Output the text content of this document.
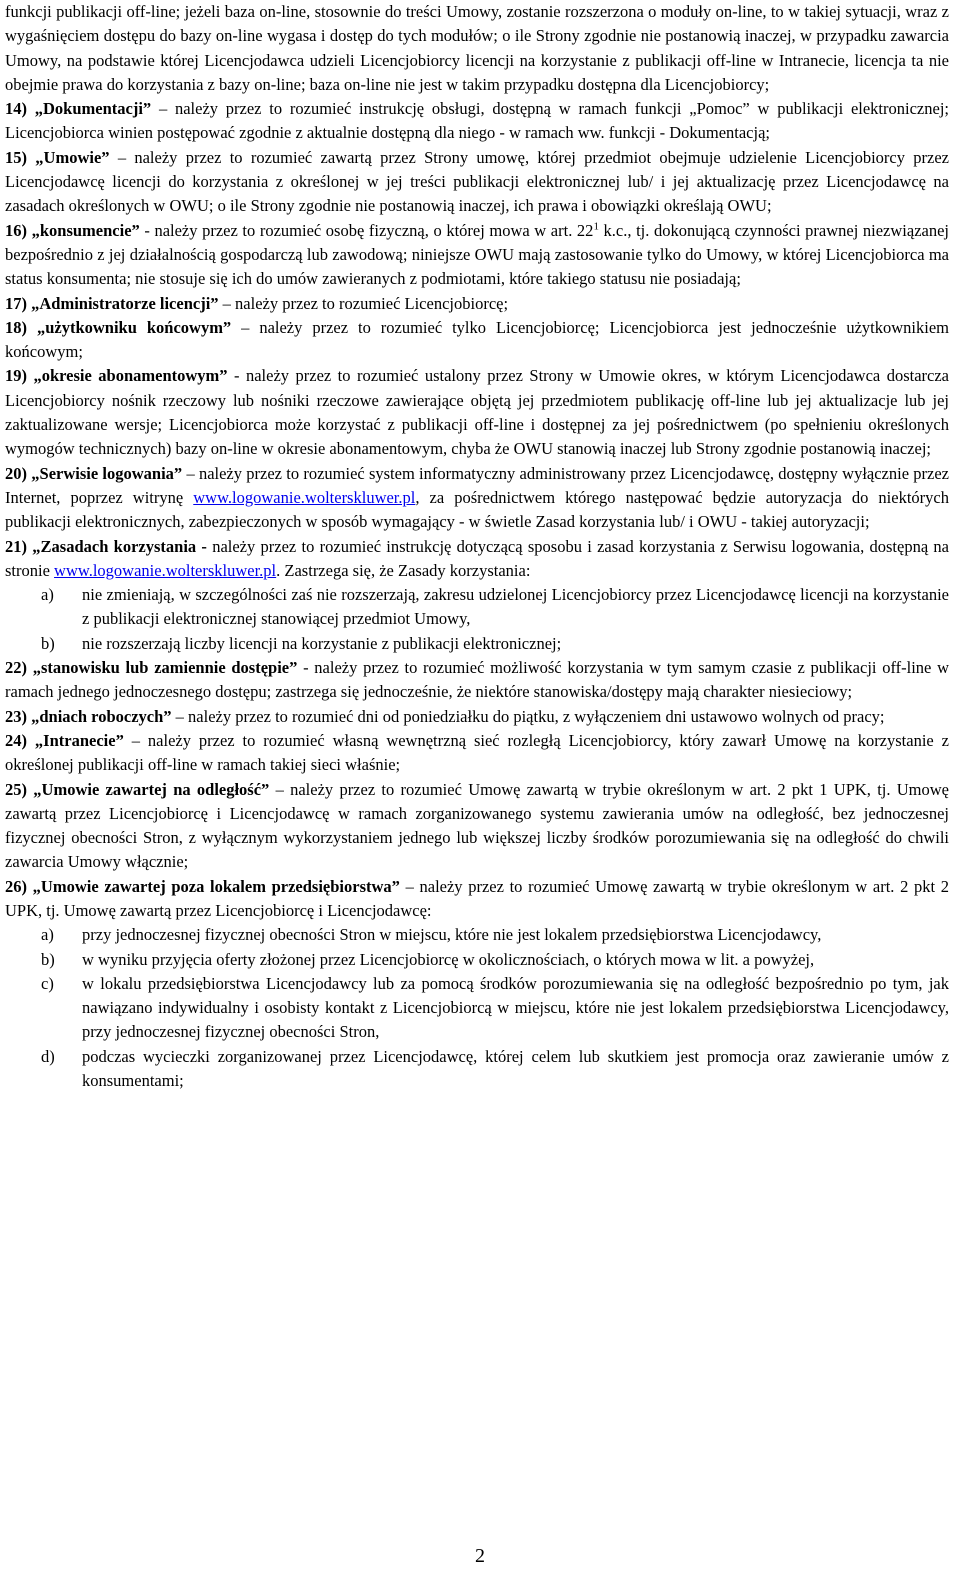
funkcji publikacji off-line; jeżeli baza on-line, stosownie do treści Umowy, zostanie rozszerzona o moduły on-line, to w takiej sytuacji, wraz z wygaśnięciem dostępu do bazy on-line wygasa i dostęp do tych modułów; o ile Strony zgodnie nie postanowią inaczej, w przypadku zawarcia Umowy, na podstawie której Licencjodawca udzieli Licencjobiorcy licencji na korzystanie z publikacji off-line w Intranecie, licencja ta nie obejmie prawa do korzystania z bazy on-line; baza on-line nie jest w takim przypadku dostępna dla Licencjobiorcy;

14) „Dokumentacji” – należy przez to rozumieć instrukcję obsługi, dostępną w ramach funkcji „Pomoc” w publikacji elektronicznej; Licencjobiorca winien postępować zgodnie z aktualnie dostępną dla niego - w ramach ww. funkcji - Dokumentacją;

15) „Umowie” – należy przez to rozumieć zawartą przez Strony umowę, której przedmiot obejmuje udzielenie Licencjobiorcy przez Licencjodawcę licencji do korzystania z określonej w jej treści publikacji elektronicznej lub/ i jej aktualizację przez Licencjodawcę na zasadach określonych w OWU; o ile Strony zgodnie nie postanowią inaczej, ich prawa i obowiązki określają OWU;

16) „konsumencie” - należy przez to rozumieć osobę fizyczną, o której mowa w art. $22^1$ k.c., tj. dokonującą czynności prawnej niezwiązanej bezpośrednio z jej działalnością gospodarczą lub zawodową; niniejsze OWU mają zastosowanie tylko do Umowy, w której Licencjobiorca ma status konsumenta; nie stosuje się ich do umów zawieranych z podmiotami, które takiego statusu nie posiadają;

17) „Administratorze licencji” – należy przez to rozumieć Licencjobiorcę;

18) „użytkowniku końcowym” – należy przez to rozumieć tylko Licencjobiorcę; Licencjobiorca jest jednocześnie użytkownikiem końcowym;

19) „okresie abonamentowym” - należy przez to rozumieć ustalony przez Strony w Umowie okres, w którym Licencjodawca dostarcza Licencjobiorcy nośnik rzeczowy lub nośniki rzeczowe zawierające objętą jej przedmiotem publikację off-line lub jej aktualizacje lub jej zaktualizowane wersje; Licencjobiorca może korzystać z publikacji off-line i dostępnej za jej pośrednictwem (po spełnieniu określonych wymogów technicznych) bazy on-line w okresie abonamentowym, chyba że OWU stanowią inaczej lub Strony zgodnie postanowią inaczej;

20) „Serwisie logowania” – należy przez to rozumieć system informatyczny administrowany przez Licencjodawcę, dostępny wyłącznie przez Internet, poprzez witrynę www.logowanie.wolterskluwer.pl, za pośrednictwem którego następować będzie autoryzacja do niektórych publikacji elektronicznych, zabezpieczonych w sposób wymagający - w świetle Zasad korzystania lub/ i OWU - takiej autoryzacji;

21) „Zasadach korzystania - należy przez to rozumieć instrukcję dotyczącą sposobu i zasad korzystania z Serwisu logowania, dostępną na stronie www.logowanie.wolterskluwer.pl. Zastrzega się, że Zasady korzystania:

a) nie zmieniają, w szczególności zaś nie rozszerzają, zakresu udzielonej Licencjobiorcy przez Licencjodawcę licencji na korzystanie z publikacji elektronicznej stanowiącej przedmiot Umowy,
b) nie rozszerzają liczby licencji na korzystanie z publikacji elektronicznej;

22) „stanowisku lub zamiennie dostępie” - należy przez to rozumieć możliwość korzystania w tym samym czasie z publikacji off-line w ramach jednego jednoczesnego dostępu; zastrzega się jednocześnie, że niektóre stanowiska/dostępy mają charakter niesieciowy;

23) „dniach roboczych” – należy przez to rozumieć dni od poniedziałku do piątku, z wyłączeniem dni ustawowo wolnych od pracy;

24) „Intranecie” – należy przez to rozumieć własną wewnętrzną sieć rozległą Licencjobiorcy, który zawarł Umowę na korzystanie z określonej publikacji off-line w ramach takiej sieci właśnie;

25) „Umowie zawartej na odległość” – należy przez to rozumieć Umowę zawartą w trybie określonym w art. 2 pkt 1 UPK, tj. Umowę zawartą przez Licencjobiorcę i Licencjodawcę w ramach zorganizowanego systemu zawierania umów na odległość, bez jednoczesnej fizycznej obecności Stron, z wyłącznym wykorzystaniem jednego lub większej liczby środków porozumiewania się na odległość do chwili zawarcia Umowy włącznie;

26) „Umowie zawartej poza lokalem przedsiębiorstwa” – należy przez to rozumieć Umowę zawartą w trybie określonym w art. 2 pkt 2 UPK, tj. Umowę zawartą przez Licencjobiorcę i Licencjodawcę:

a) przy jednoczesnej fizycznej obecności Stron w miejscu, które nie jest lokalem przedsiębiorstwa Licencjodawcy,
b) w wyniku przyjęcia oferty złożonej przez Licencjobiorcę w okolicznościach, o których mowa w lit. a powyżej,
c) w lokalu przedsiębiorstwa Licencjodawcy lub za pomocą środków porozumiewania się na odległość bezpośrednio po tym, jak nawiązano indywidualny i osobisty kontakt z Licencjobiorcą w miejscu, które nie jest lokalem przedsiębiorstwa Licencjodawcy, przy jednoczesnej fizycznej obecności Stron,
d) podczas wycieczki zorganizowanej przez Licencjodawcę, której celem lub skutkiem jest promocja oraz zawieranie umów z konsumentami;
2
